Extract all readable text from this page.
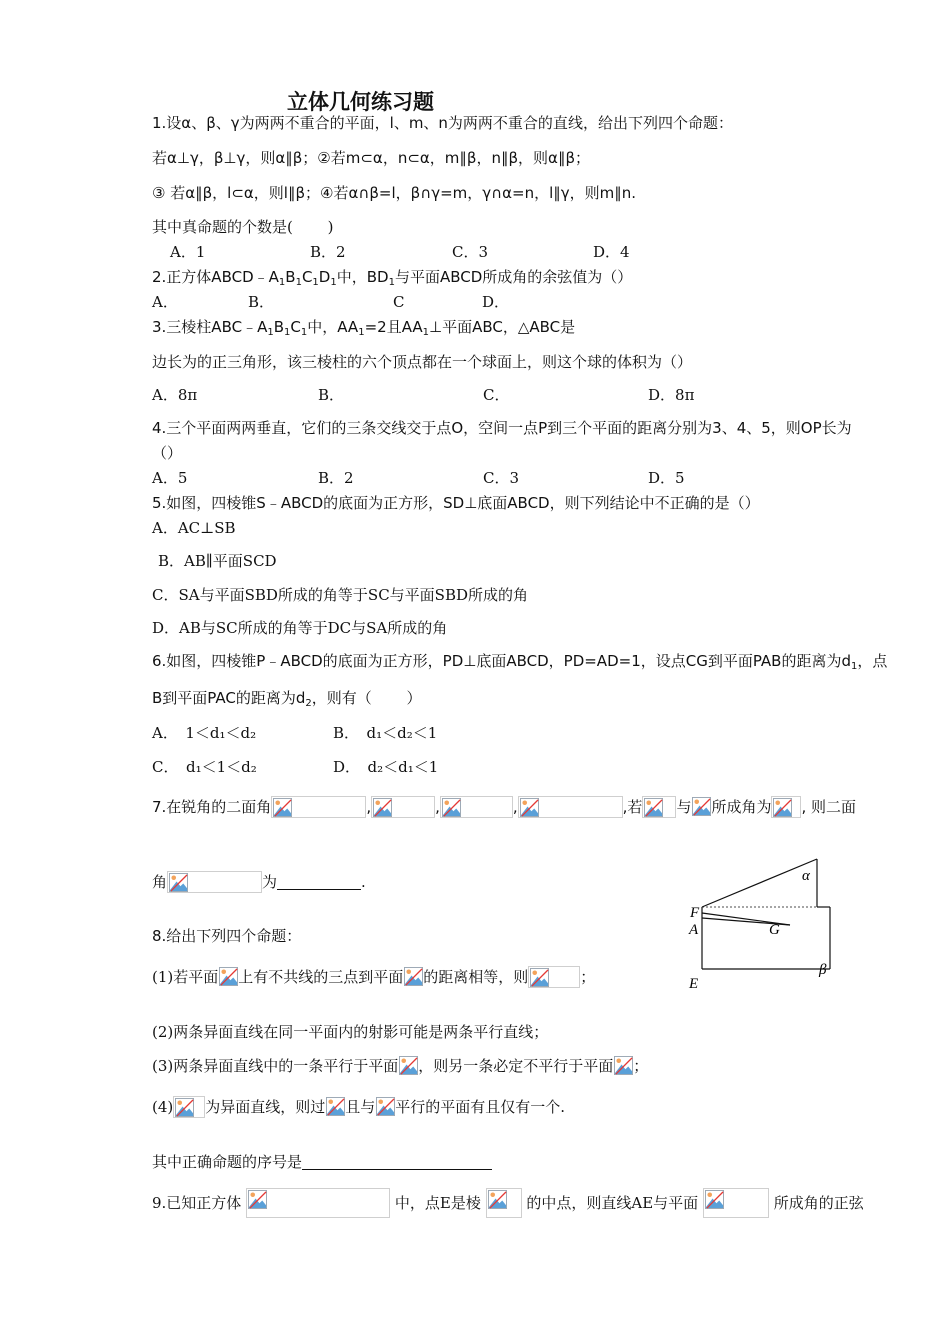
立体几何练习题
1.设α、β、γ为两两不重合的平面，l、m、n为两两不重合的直线，给出下列四个命题：
若α⊥γ，β⊥γ，则α∥β；②若m⊂α，n⊂α，m∥β，n∥β，则α∥β；
③ 若α∥β，l⊂α，则l∥β；④若α∩β=l，β∩γ=m，γ∩α=n，l∥γ，则m∥n.
其中真命题的个数是(　　 )
A．1	B．2	C．3	D．4
2.正方体$ABCD﹣A_1B_1C_1D_1$中，$BD_1$与平面ABCD所成角的余弦值为（）
A．	B．	C	D．
3.三棱柱$ABC﹣A_1B_1C_1$中，$AA_1=2$且$AA_1\perp$平面ABC，△ABC是
边长为的正三角形，该三棱柱的六个顶点都在一个球面上，则这个球的体积为（）
A．8π	B．	C．	D．8π
4.三个平面两两垂直，它们的三条交线交于点O，空间一点P到三个平面的距离分别为3、4、5，则OP长为
（）
A．5	B．2	C．3	D．5
5.如图，四棱锥S﹣ABCD的底面为正方形，SD⊥底面ABCD，则下列结论中不正确的是（）
A．AC⊥SB
B．AB∥平面SCD
C．SA与平面SBD所成的角等于SC与平面SBD所成的角
D．AB与SC所成的角等于DC与SA所成的角
6.如图，四棱锥P﹣ABCD的底面为正方形，PD⊥底面ABCD，PD=AD=1，设点CG到平面PAB的距离为$d_1$，点
B到平面PAC的距离为$d_2$，则有（　　 ）
A．　1＜d₁＜d₂	B．　d₁＜d₂＜1
C．　d₁＜1＜d₂	D．　d₂＜d₁＜1
7.在锐角的二面角	,	,	,	,若 与 所成角为 , 则二面
角	为	.	α
F
A	G
β
E
8.给出下列四个命题：
(1)若平面 上有不共线的三点到平面 的距离相等，则	；
(2)两条异面直线在同一平面内的射影可能是两条平行直线；
(3)两条异面直线中的一条平行于平面 ，则另一条必定不平行于平面 ；
(4) 为异面直线，则过 且与 平行的平面有且仅有一个.
其中正确命题的序号是
9.已知正方体	中，点E是棱	的中点，则直线AE与平面	所成角的正弦
